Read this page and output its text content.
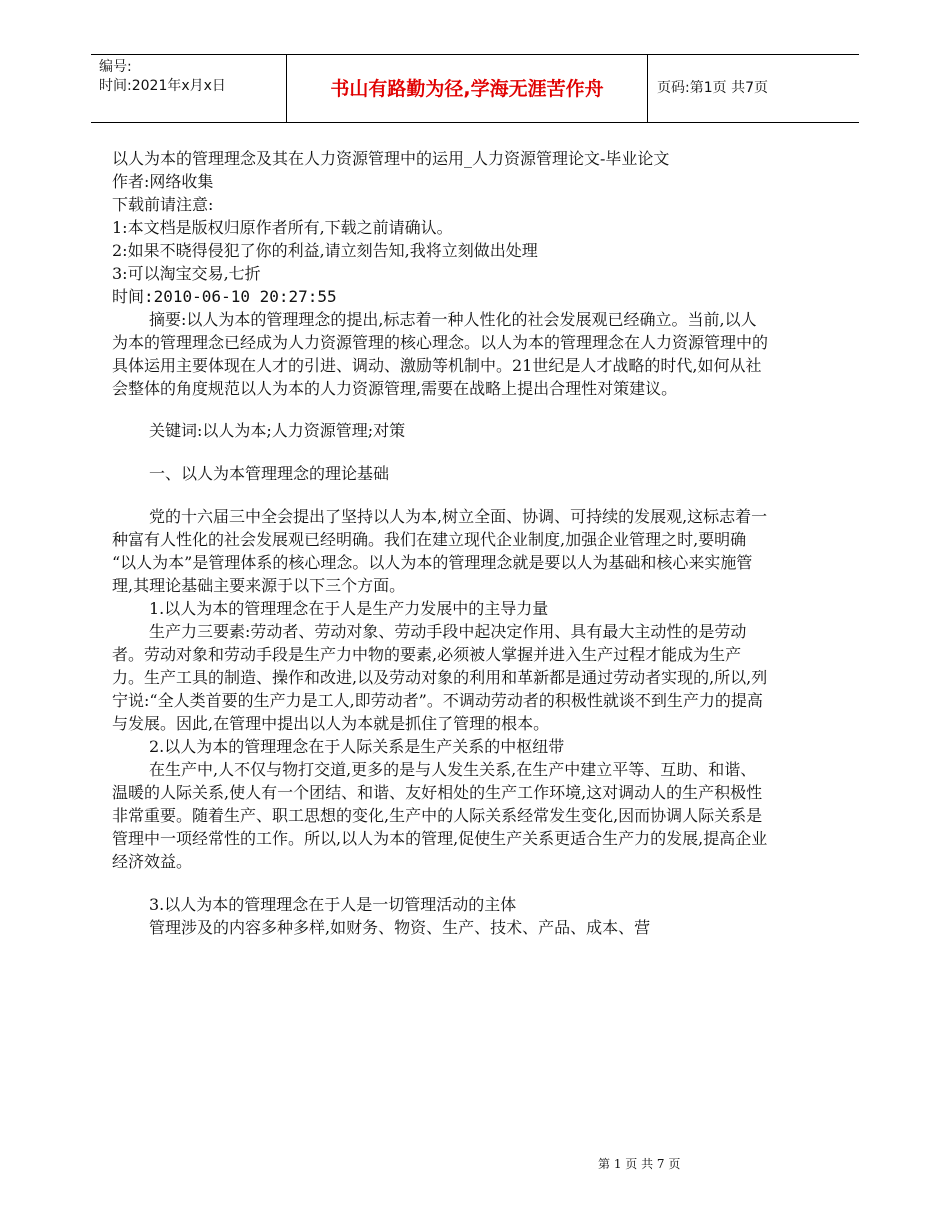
编号:
时间:2021年x月x日	书山有路勤为径,学海无涯苦作舟	页码:第1页 共7页
以人为本的管理理念及其在人力资源管理中的运用_人力资源管理论文-毕业论文
作者:网络收集
下载前请注意:
1:本文档是版权归原作者所有,下载之前请确认。
2:如果不晓得侵犯了你的利益,请立刻告知,我将立刻做出处理
3:可以淘宝交易,七折
时间:2010-06-10 20:27:55
摘要:以人为本的管理理念的提出,标志着一种人性化的社会发展观已经确立。当前,以人为本的管理理念已经成为人力资源管理的核心理念。以人为本的管理理念在人力资源管理中的具体运用主要体现在人才的引进、调动、激励等机制中。21世纪是人才战略的时代,如何从社会整体的角度规范以人为本的人力资源管理,需要在战略上提出合理性对策建议。
关键词:以人为本;人力资源管理;对策
一、以人为本管理理念的理论基础
党的十六届三中全会提出了坚持以人为本,树立全面、协调、可持续的发展观,这标志着一种富有人性化的社会发展观已经明确。我们在建立现代企业制度,加强企业管理之时,要明确 “以人为本”是管理体系的核心理念。以人为本的管理理念就是要以人为基础和核心来实施管理,其理论基础主要来源于以下三个方面。
1.以人为本的管理理念在于人是生产力发展中的主导力量
生产力三要素:劳动者、劳动对象、劳动手段中起决定作用、具有最大主动性的是劳动者。劳动对象和劳动手段是生产力中物的要素,必须被人掌握并进入生产过程才能成为生产力。生产工具的制造、操作和改进,以及劳动对象的利用和革新都是通过劳动者实现的,所以,列宁说:“全人类首要的生产力是工人,即劳动者”。不调动劳动者的积极性就谈不到生产力的提高与发展。因此,在管理中提出以人为本就是抓住了管理的根本。
2.以人为本的管理理念在于人际关系是生产关系的中枢纽带
在生产中,人不仅与物打交道,更多的是与人发生关系,在生产中建立平等、互助、和谐、温暖的人际关系,使人有一个团结、和谐、友好相处的生产工作环境,这对调动人的生产积极性非常重要。随着生产、职工思想的变化,生产中的人际关系经常发生变化,因而协调人际关系是管理中一项经常性的工作。所以,以人为本的管理,促使生产关系更适合生产力的发展,提高企业经济效益。
3.以人为本的管理理念在于人是一切管理活动的主体
管理涉及的内容多种多样,如财务、物资、生产、技术、产品、成本、营
第 1 页 共 7 页
